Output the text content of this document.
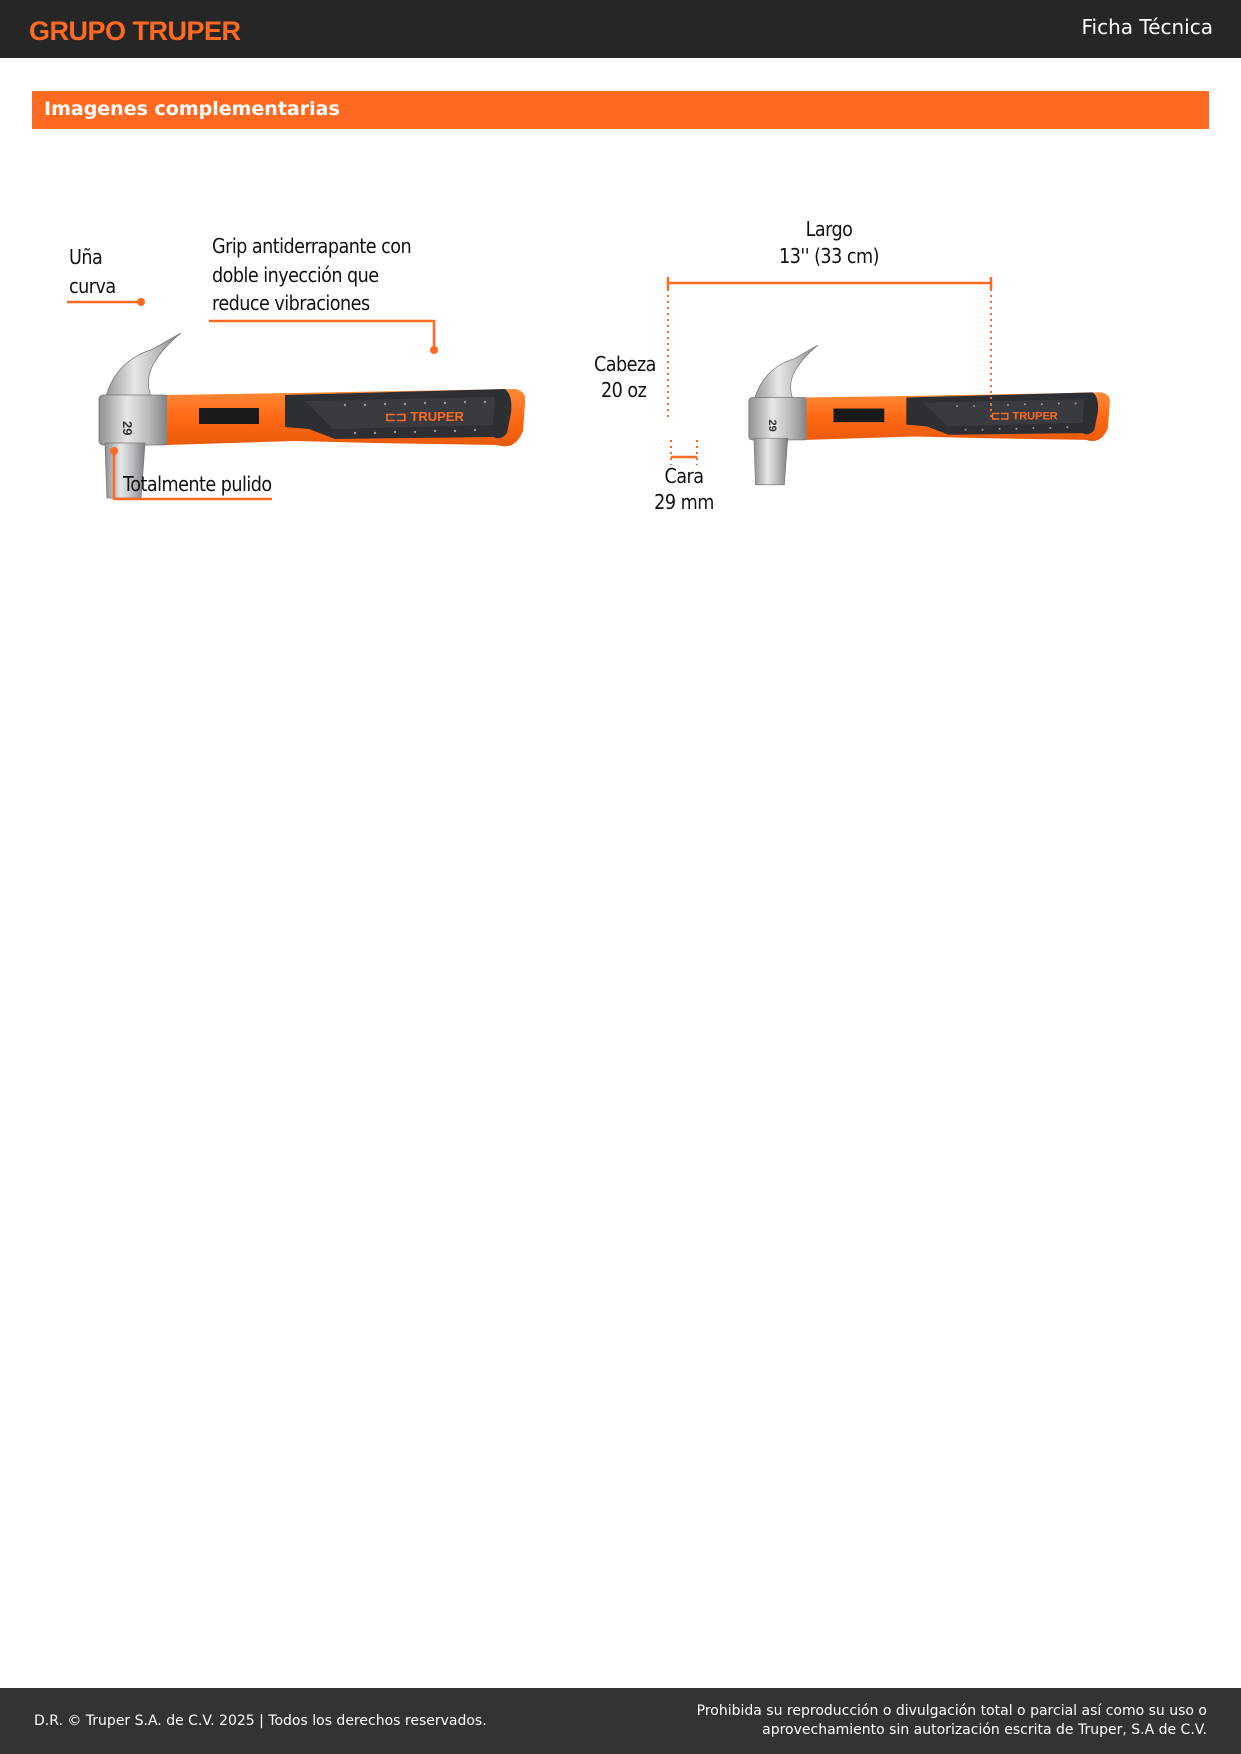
GRUPO TRUPER	Ficha Técnica
Imagenes complementarias
Uña
curva	doble inyección que
Grip antiderrapante con
reduce vibraciones
Totalmente pulido
Largo
13'' (33 cm)
Cabeza
20 oz
Cara
29 mm
D.R. © Truper S.A. de C.V. 2025 | Todos los derechos reservados.
Prohibida su reproducción o divulgación total o parcial así como su uso o
aprovechamiento sin autorización escrita de Truper, S.A de C.V.
